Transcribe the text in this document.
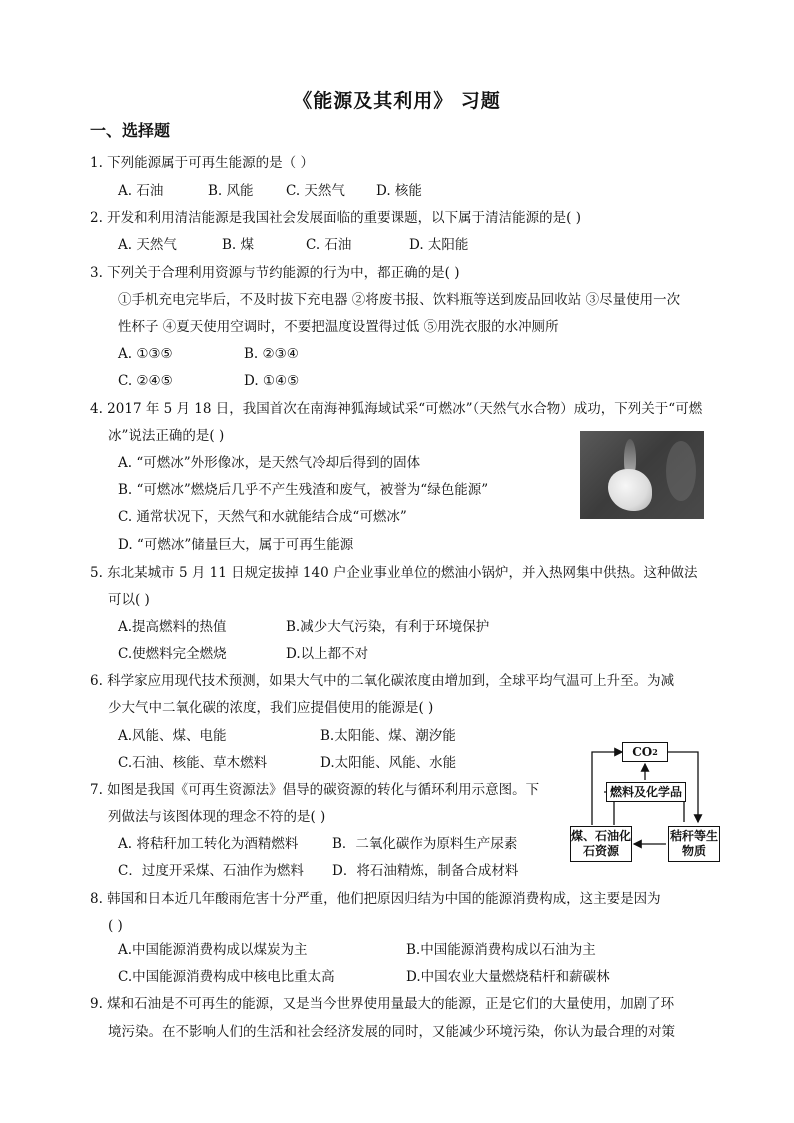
《能源及其利用》 习题
一、选择题
1. 下列能源属于可再生能源的是（ ）
A. 石油	B. 风能 C. 天然气 D. 核能
2. 开发和利用清洁能源是我国社会发展面临的重要课题，以下属于清洁能源的是( )
A. 天然气	B. 煤	C. 石油	D. 太阳能
3. 下列关于合理利用资源与节约能源的行为中，都正确的是( )
①手机充电完毕后，不及时拔下充电器 ②将废书报、饮料瓶等送到废品回收站 ③尽量使用一次
性杯子 ④夏天使用空调时，不要把温度设置得过低 ⑤用洗衣服的水冲厕所
A. ①③⑤	B. ②③④
C. ②④⑤	D. ①④⑤
4. 2017 年 5 月 18 日，我国首次在南海神狐海域试采“可燃冰”（天然气水合物）成功，下列关于“可燃
冰”说法正确的是( )
A. “可燃冰”外形像冰，是天然气冷却后得到的固体
B. “可燃冰”燃烧后几乎不产生残渣和废气，被誉为“绿色能源”
C. 通常状况下，天然气和水就能结合成“可燃冰”
D. “可燃冰”储量巨大，属于可再生能源
5. 东北某城市 5 月 11 日规定拔掉 140 户企业事业单位的燃油小锅炉，并入热网集中供热。这种做法
可以( )
A.提高燃料的热值	B.减少大气污染，有利于环境保护
C.使燃料完全燃烧	D.以上都不对
6. 科学家应用现代技术预测，如果大气中的二氧化碳浓度由增加到，全球平均气温可上升至。为减
少大气中二氧化碳的浓度，我们应提倡使用的能源是( )
A.风能、煤、电能	B.太阳能、煤、潮汐能
C.石油、核能、草木燃料	D.太阳能、风能、水能
7. 如图是我国《可再生资源法》倡导的碳资源的转化与循环利用示意图。下
列做法与该图体现的理念不符的是( )
A. 将秸秆加工转化为酒精燃料 B．二氧化碳作为原料生产尿素
C．过度开采煤、石油作为燃料 D．将石油精炼，制备合成材料
CO 2
燃料及化学品
煤、石油化石资源
秸秆等生物质
8. 韩国和日本近几年酸雨危害十分严重，他们把原因归结为中国的能源消费构成，这主要是因为
( )
A.中国能源消费构成以煤炭为主	B.中国能源消费构成以石油为主
C.中国能源消费构成中核电比重太高	D.中国农业大量燃烧秸杆和薪碳林
9. 煤和石油是不可再生的能源，又是当今世界使用量最大的能源，正是它们的大量使用，加剧了环
境污染。在不影响人们的生活和社会经济发展的同时，又能减少环境污染，你认为最合理的对策
